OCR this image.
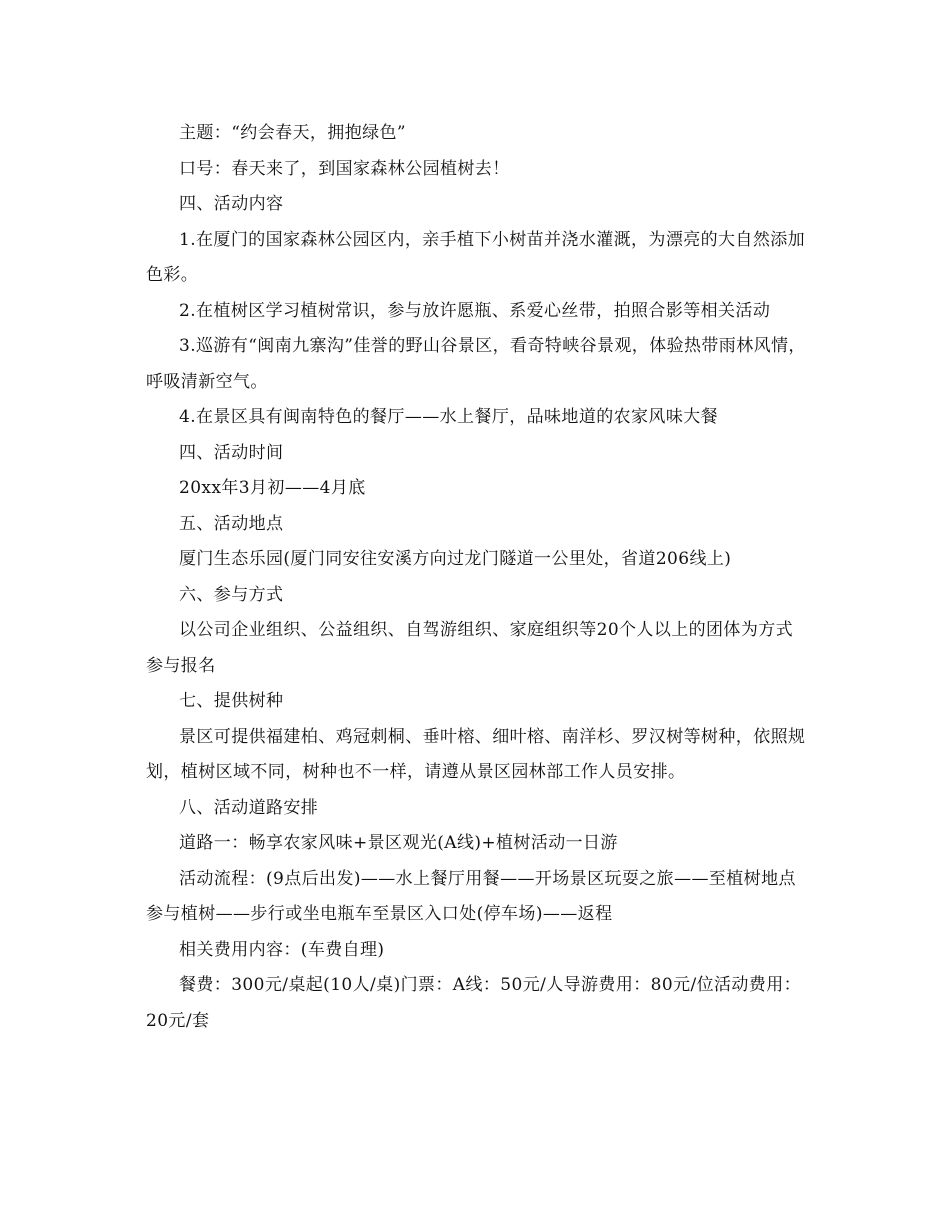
主题：“约会春天，拥抱绿色”

口号：春天来了，到国家森林公园植树去！

四、活动内容

1.在厦门的国家森林公园区内，亲手植下小树苗并浇水灌溉，为漂亮的大自然添加色彩。

2.在植树区学习植树常识，参与放许愿瓶、系爱心丝带，拍照合影等相关活动

3.巡游有“闽南九寨沟”佳誉的野山谷景区，看奇特峡谷景观，体验热带雨林风情，呼吸清新空气。

4.在景区具有闽南特色的餐厅——水上餐厅，品味地道的农家风味大餐

四、活动时间

20xx年3月初——4月底

五、活动地点

厦门生态乐园(厦门同安往安溪方向过龙门隧道一公里处，省道206线上)

六、参与方式

以公司企业组织、公益组织、自驾游组织、家庭组织等20个人以上的团体为方式参与报名

七、提供树种

景区可提供福建柏、鸡冠刺桐、垂叶榕、细叶榕、南洋杉、罗汉树等树种，依照规划，植树区域不同，树种也不一样，请遵从景区园林部工作人员安排。

八、活动道路安排

道路一：畅享农家风味+景区观光(A线)+植树活动一日游

活动流程：(9点后出发)——水上餐厅用餐——开场景区玩耍之旅——至植树地点参与植树——步行或坐电瓶车至景区入口处(停车场)——返程

相关费用内容：(车费自理)

餐费：300元/桌起(10人/桌)门票：A线：50元/人导游费用：80元/位活动费用：20元/套
